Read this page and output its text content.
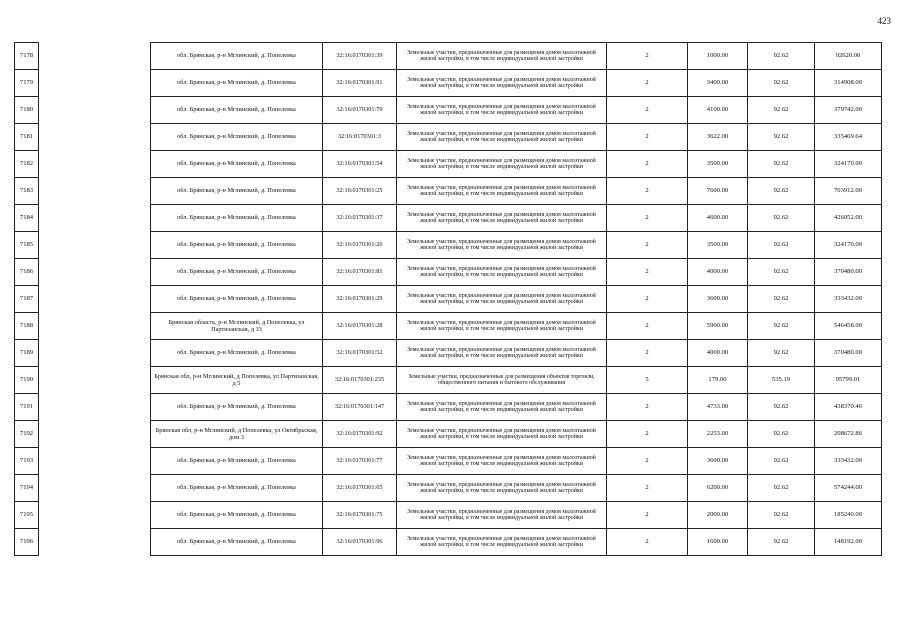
423
7178		обл. Брянская, р-н Мглинский, д. Попелевка	32:16:0170301:39	Земельные участки, предназначенные для размещения домов малоэтажной жилой застройки, в том числе индивидуальной жилой застройки	2	1000.00	92.62	92620.00
7179		обл. Брянская, р-н Мглинский, д. Попелевка	32:16:0170301:91	Земельные участки, предназначенные для размещения домов малоэтажной жилой застройки, в том числе индивидуальной жилой застройки	2	3400.00	92.62	314908.00
7180		обл. Брянская, р-н Мглинский, д. Попелевка	32:16:0170301:79	Земельные участки, предназначенные для размещения домов малоэтажной жилой застройки, в том числе индивидуальной жилой застройки	2	4100.00	92.62	379742.00
7181		обл. Брянская, р-н Мглинский, д. Попелевка	32:16:0170301:3	Земельные участки, предназначенные для размещения домов малоэтажной жилой застройки, в том числе индивидуальной жилой застройки	2	3622.00	92.62	335469.64
7182		обл. Брянская, р-н Мглинский, д. Попелевка	32:16:0170301:54	Земельные участки, предназначенные для размещения домов малоэтажной жилой застройки, в том числе индивидуальной жилой застройки	2	3500.00	92.62	324170.00
7183		обл. Брянская, р-н Мглинский, д. Попелевка	32:16:0170301:25	Земельные участки, предназначенные для размещения домов малоэтажной жилой застройки, в том числе индивидуальной жилой застройки	2	7600.00	92.62	703912.00
7184		обл. Брянская, р-н Мглинский, д. Попелевка	32:16:0170301:37	Земельные участки, предназначенные для размещения домов малоэтажной жилой застройки, в том числе индивидуальной жилой застройки	2	4600.00	92.62	426052.00
7185		обл. Брянская, р-н Мглинский, д. Попелевка	32:16:0170301:26	Земельные участки, предназначенные для размещения домов малоэтажной жилой застройки, в том числе индивидуальной жилой застройки	2	3500.00	92.62	324170.00
7186		обл. Брянская, р-н Мглинский, д. Попелевка	32:16:0170301:81	Земельные участки, предназначенные для размещения домов малоэтажной жилой застройки, в том числе индивидуальной жилой застройки	2	4000.00	92.62	370480.00
7187		обл. Брянская, р-н Мглинский, д. Попелевка	32:16:0170301:29	Земельные участки, предназначенные для размещения домов малоэтажной жилой застройки, в том числе индивидуальной жилой застройки	2	3600.00	92.62	333432.00
7188		Брянская область, р-н Мглинский, д Попелевка, ул Партизанская, д 33	32:16:0170301:28	Земельные участки, предназначенные для размещения домов малоэтажной жилой застройки, в том числе индивидуальной жилой застройки	2	5900.00	92.62	546458.00
7189		обл. Брянская, р-н Мглинский, д. Попелевка	32:16:0170301:52	Земельные участки, предназначенные для размещения домов малоэтажной жилой застройки, в том числе индивидуальной жилой застройки	2	4000.00	92.62	370480.00
7190		Брянская обл, р-н Мглинский, д Попелевка, ул Партизанская, д 5	32:16:0170301:235	Земельные участки, предназначенные для размещения объектов торговли, общественного питания и бытового обслуживания	5	179.00	535.19	95799.01
7191		обл. Брянская, р-н Мглинский, д. Попелевка	32:16:0170301:147	Земельные участки, предназначенные для размещения домов малоэтажной жилой застройки, в том числе индивидуальной жилой застройки	2	4733.00	92.62	438370.46
7192		Брянская обл, р-н Мглинский, д Попелевка, ул Октябрьская, дом 3	32:16:0170301:92	Земельные участки, предназначенные для размещения домов малоэтажной жилой застройки, в том числе индивидуальной жилой застройки	2	2253.00	92.62	208672.86
7193		обл. Брянская, р-н Мглинский, д. Попелевка	32:16:0170301:77	Земельные участки, предназначенные для размещения домов малоэтажной жилой застройки, в том числе индивидуальной жилой застройки	2	3600.00	92.62	333432.00
7194		обл. Брянская, р-н Мглинский, д. Попелевка	32:16:0170301:65	Земельные участки, предназначенные для размещения домов малоэтажной жилой застройки, в том числе индивидуальной жилой застройки	2	6200.00	92.62	574244.00
7195		обл. Брянская, р-н Мглинский, д. Попелевка	32:16:0170301:75	Земельные участки, предназначенные для размещения домов малоэтажной жилой застройки, в том числе индивидуальной жилой застройки	2	2000.00	92.62	185240.00
7196		обл. Брянская, р-н Мглинский, д. Попелевка	32:16:0170301:96	Земельные участки, предназначенные для размещения домов малоэтажной жилой застройки, в том числе индивидуальной жилой застройки	2	1600.00	92.62	148192.00
